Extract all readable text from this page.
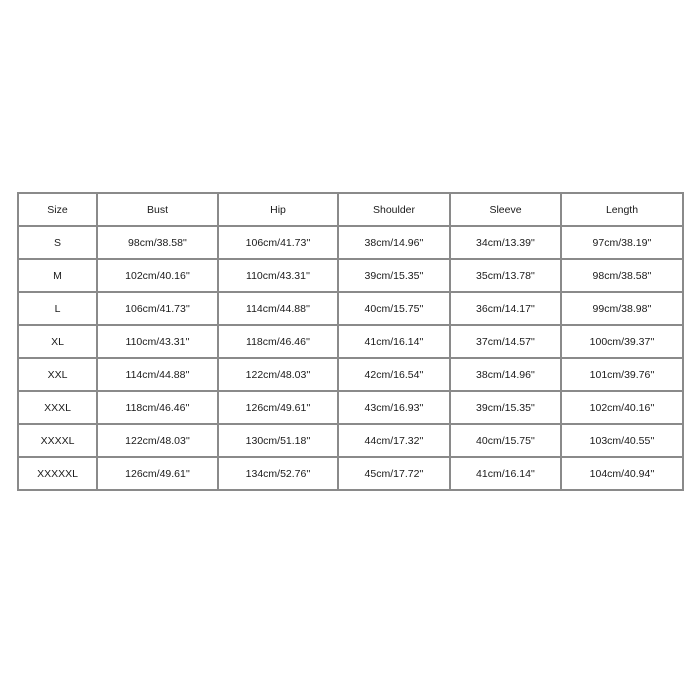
Size	Bust	Hip	Shoulder	Sleeve	Length
S	98cm/38.58''	106cm/41.73''	38cm/14.96''	34cm/13.39''	97cm/38.19''
M	102cm/40.16''	110cm/43.31''	39cm/15.35''	35cm/13.78''	98cm/38.58''
L	106cm/41.73''	114cm/44.88''	40cm/15.75''	36cm/14.17''	99cm/38.98''
XL	110cm/43.31''	118cm/46.46''	41cm/16.14''	37cm/14.57''	100cm/39.37''
XXL	114cm/44.88''	122cm/48.03''	42cm/16.54''	38cm/14.96''	101cm/39.76''
XXXL	118cm/46.46''	126cm/49.61''	43cm/16.93''	39cm/15.35''	102cm/40.16''
XXXXL	122cm/48.03''	130cm/51.18''	44cm/17.32''	40cm/15.75''	103cm/40.55''
XXXXXL	126cm/49.61''	134cm/52.76''	45cm/17.72''	41cm/16.14''	104cm/40.94''
